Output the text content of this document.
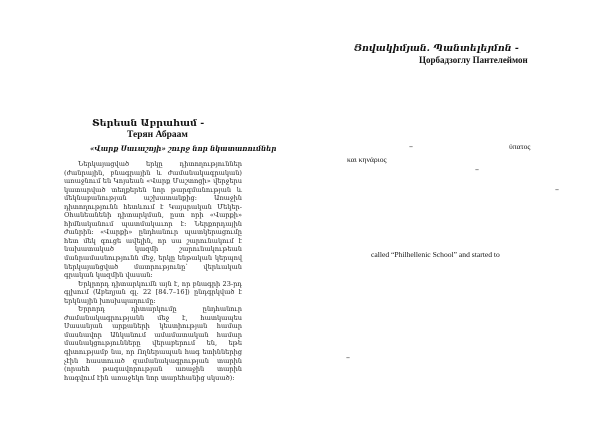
Յովակիմյան. Պանտելեյմոն -
Цорбадзоглу Пантелеймон
–	ύπατος
και κηνάριος
–
–
called “Philhellenic School” and started to
–
Տերեան Աբրահամ -
Терян Абраам
«Վարք Սաւաշոյի» շուրջ նոր նկատառումներ

Ներկայացված երկը դիտողություններ (ժանրային, բնագրային և ժամանակագրական) առաջնում են Կոյսեան «Վարք Մաշտոցի» վերջերս կատարված տեղքերեն նոր թարգմանության և մեկնաբանության աշխատանքից: Առաջին դիտողությունն հետևում է Կայսրական Մեկեր-Օհանեանենի դիտարկման, ըստ որի «Վարքի» հիմնականում պատմակաւոր է: Ներքորդային ժանրին: «Վարքի» ընդհանուր պատկերացումը հետ մեկ գուցե ավելին, որ սա շարունակում է նախատակած կազմի շարունակութեան մանրամասնությունն մեջ, երկը ենթական կերպով ներկայանցված մատրությունը՝ վերևական գրական կազմին վասան:

Երկրորդ դիտարկումն այն է, որ բնագրի 23-րդ գլխում (Աբեղյան գլ. 22 [84.7–16]) ընդգրկված է երկնային խոսխպաղումը:

Երրորդ դիտարկումը ընդհանուր ժամանակագրությանն մեջ է, հատկապես Սասանյան արքաների կեստիության համար մասնավոր Անկանում ամամատական համար մասնակցությունները վերաբերում են, եթե գիտությամբ նա, որ Ողներապան հագ ետիններից չէին հաստուած զամանակագրության տարին (որաեհ թագավորության առաջին տարին հագվում էին առաջեկո նոր տարեհանից սկսած):
